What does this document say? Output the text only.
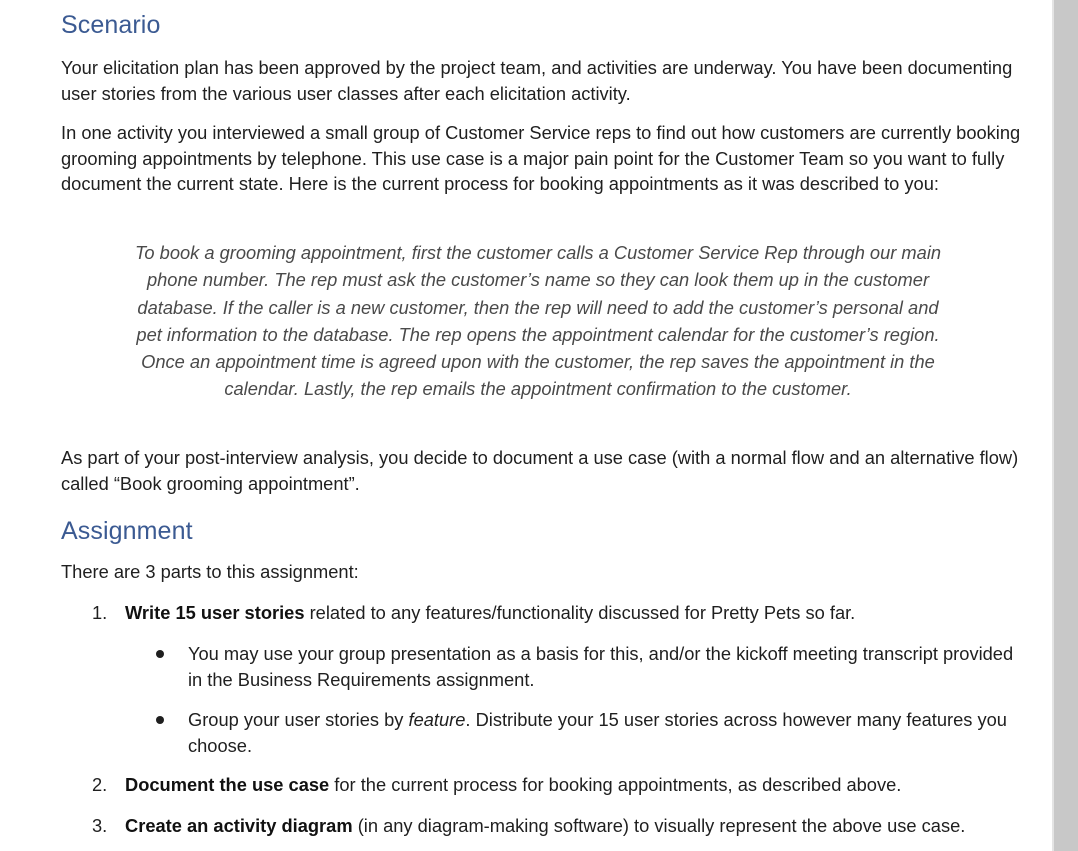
Scenario

Your elicitation plan has been approved by the project team, and activities are underway. You have been documenting user stories from the various user classes after each elicitation activity.

In one activity you interviewed a small group of Customer Service reps to find out how customers are currently booking grooming appointments by telephone. This use case is a major pain point for the Customer Team so you want to fully document the current state. Here is the current process for booking appointments as it was described to you:

To book a grooming appointment, first the customer calls a Customer Service Rep through our main phone number. The rep must ask the customer’s name so they can look them up in the customer database. If the caller is a new customer, then the rep will need to add the customer’s personal and pet information to the database. The rep opens the appointment calendar for the customer’s region. Once an appointment time is agreed upon with the customer, the rep saves the appointment in the calendar. Lastly, the rep emails the appointment confirmation to the customer.

As part of your post-interview analysis, you decide to document a use case (with a normal flow and an alternative flow) called “Book grooming appointment”.

Assignment

There are 3 parts to this assignment:

1. Write 15 user stories related to any features/functionality discussed for Pretty Pets so far.
You may use your group presentation as a basis for this, and/or the kickoff meeting transcript provided in the Business Requirements assignment.
Group your user stories by feature. Distribute your 15 user stories across however many features you choose.
2. Document the use case for the current process for booking appointments, as described above.
3. Create an activity diagram (in any diagram-making software) to visually represent the above use case.
